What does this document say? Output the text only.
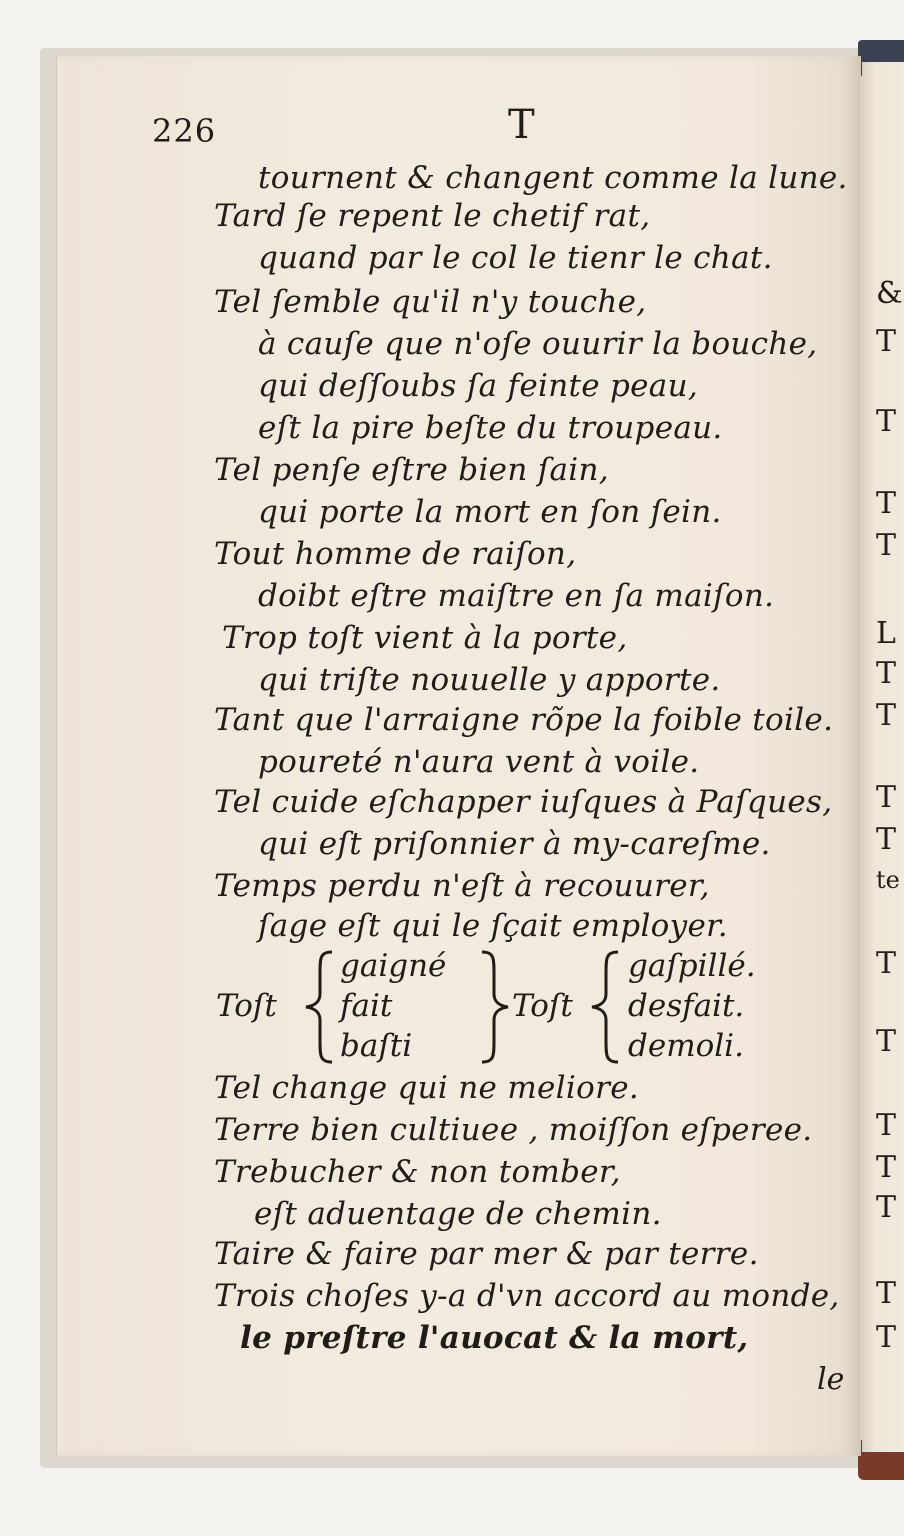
&
T
T
T
T
L
T
T
T
T
te
T
T
T
T
T
T
T
226	T
tournent & changent comme la lune.
Tard ſe repent le chetif rat,
quand par le col le tienr le chat.
Tel ſemble qu'il n'y touche,
à cauſe que n'oſe ouurir la bouche,
qui deſſoubs ſa feinte peau,
eſt la pire beſte du troupeau.
Tel penſe eſtre bien ſain,
qui porte la mort en ſon ſein.
Tout homme de raiſon,
doibt eſtre maiſtre en ſa maiſon.
Trop toſt vient à la porte,
qui triſte nouuelle y apporte.
Tant que l'arraigne rõpe la foible toile.
poureté n'aura vent à voile.
Tel cuide eſchapper iuſques à Paſques,
qui eſt priſonnier à my-careſme.
Temps perdu n'eſt à recouurer,
ſage eſt qui le ſçait employer.
Toſt
gaigné
fait
baſti
Toſt
gaſpillé.
desfait.
demoli.
Tel change qui ne meliore.
Terre bien cultiuee , moiſſon eſperee.
Trebucher & non tomber,
eſt aduentage de chemin.
Taire & faire par mer & par terre.
Trois choſes y-a d'vn accord au monde,
le preſtre l'auocat & la mort,
le
